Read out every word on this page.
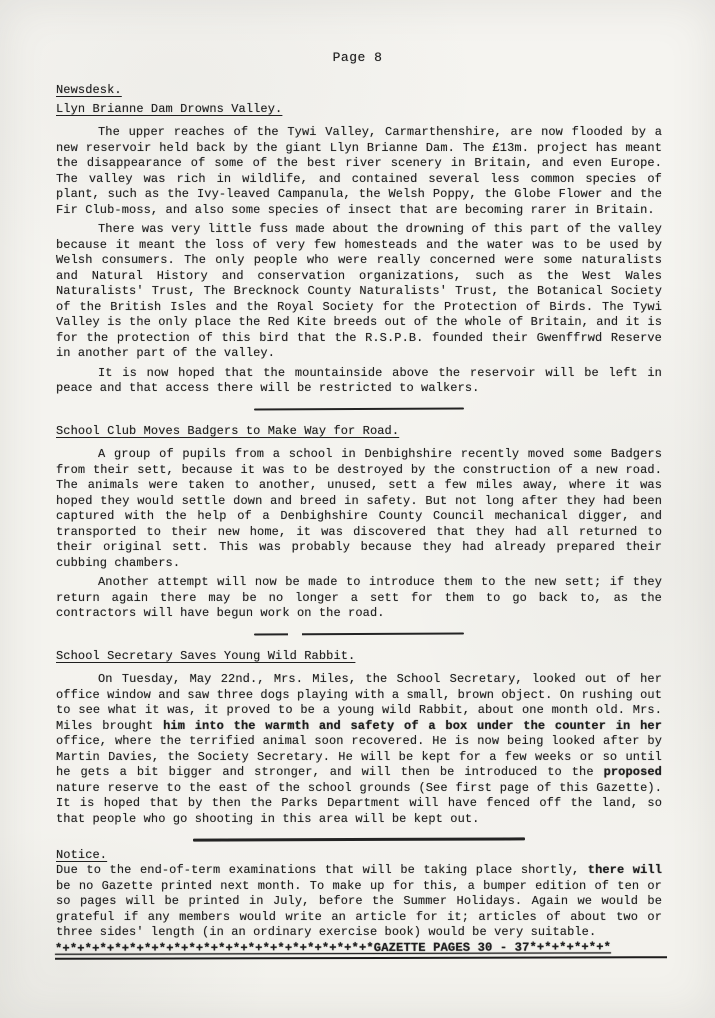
Page 8
Newsdesk.
Llyn Brianne Dam Drowns Valley.

The upper reaches of the Tywi Valley, Carmarthenshire, are now flooded by a new reservoir held back by the giant Llyn Brianne Dam. The £13m. project has meant the disappearance of some of the best river scenery in Britain, and even Europe. The valley was rich in wildlife, and contained several less common species of plant, such as the Ivy-leaved Campanula, the Welsh Poppy, the Globe Flower and the Fir Club-moss, and also some species of insect that are becoming rarer in Britain.

There was very little fuss made about the drowning of this part of the valley because it meant the loss of very few homesteads and the water was to be used by Welsh consumers. The only people who were really concerned were some naturalists and Natural History and conservation organizations, such as the West Wales Naturalists' Trust, The Brecknock County Naturalists' Trust, the Botanical Society of the British Isles and the Royal Society for the Protection of Birds. The Tywi Valley is the only place the Red Kite breeds out of the whole of Britain, and it is for the protection of this bird that the R.S.P.B. founded their Gwenffrwd Reserve in another part of the valley.

It is now hoped that the mountainside above the reservoir will be left in peace and that access there will be restricted to walkers.

School Club Moves Badgers to Make Way for Road.

A group of pupils from a school in Denbighshire recently moved some Badgers from their sett, because it was to be destroyed by the construction of a new road. The animals were taken to another, unused, sett a few miles away, where it was hoped they would settle down and breed in safety. But not long after they had been captured with the help of a Denbighshire County Council mechanical digger, and transported to their new home, it was discovered that they had all returned to their original sett. This was probably because they had already prepared their cubbing chambers.

Another attempt will now be made to introduce them to the new sett; if they return again there may be no longer a sett for them to go back to, as the contractors will have begun work on the road.

School Secretary Saves Young Wild Rabbit.

On Tuesday, May 22nd., Mrs. Miles, the School Secretary, looked out of her office window and saw three dogs playing with a small, brown object. On rushing out to see what it was, it proved to be a young wild Rabbit, about one month old. Mrs. Miles brought him into the warmth and safety of a box under the counter in her office, where the terrified animal soon recovered. He is now being looked after by Martin Davies, the Society Secretary. He will be kept for a few weeks or so until he gets a bit bigger and stronger, and will then be introduced to the proposed nature reserve to the east of the school grounds (See first page of this Gazette). It is hoped that by then the Parks Department will have fenced off the land, so that people who go shooting in this area will be kept out.

Notice.

Due to the end-of-term examinations that will be taking place shortly, there will be no Gazette printed next month. To make up for this, a bumper edition of ten or so pages will be printed in July, before the Summer Holidays. Again we would be grateful if any members would write an article for it; articles of about two or three sides' length (in an ordinary exercise book) would be very suitable.

*+*+*+*+*+*+*+*+*+*+*+*+*+*+*+*+*+*+*+*+*+*GAZETTE PAGES 30 - 37*+*+*+*+*+*
